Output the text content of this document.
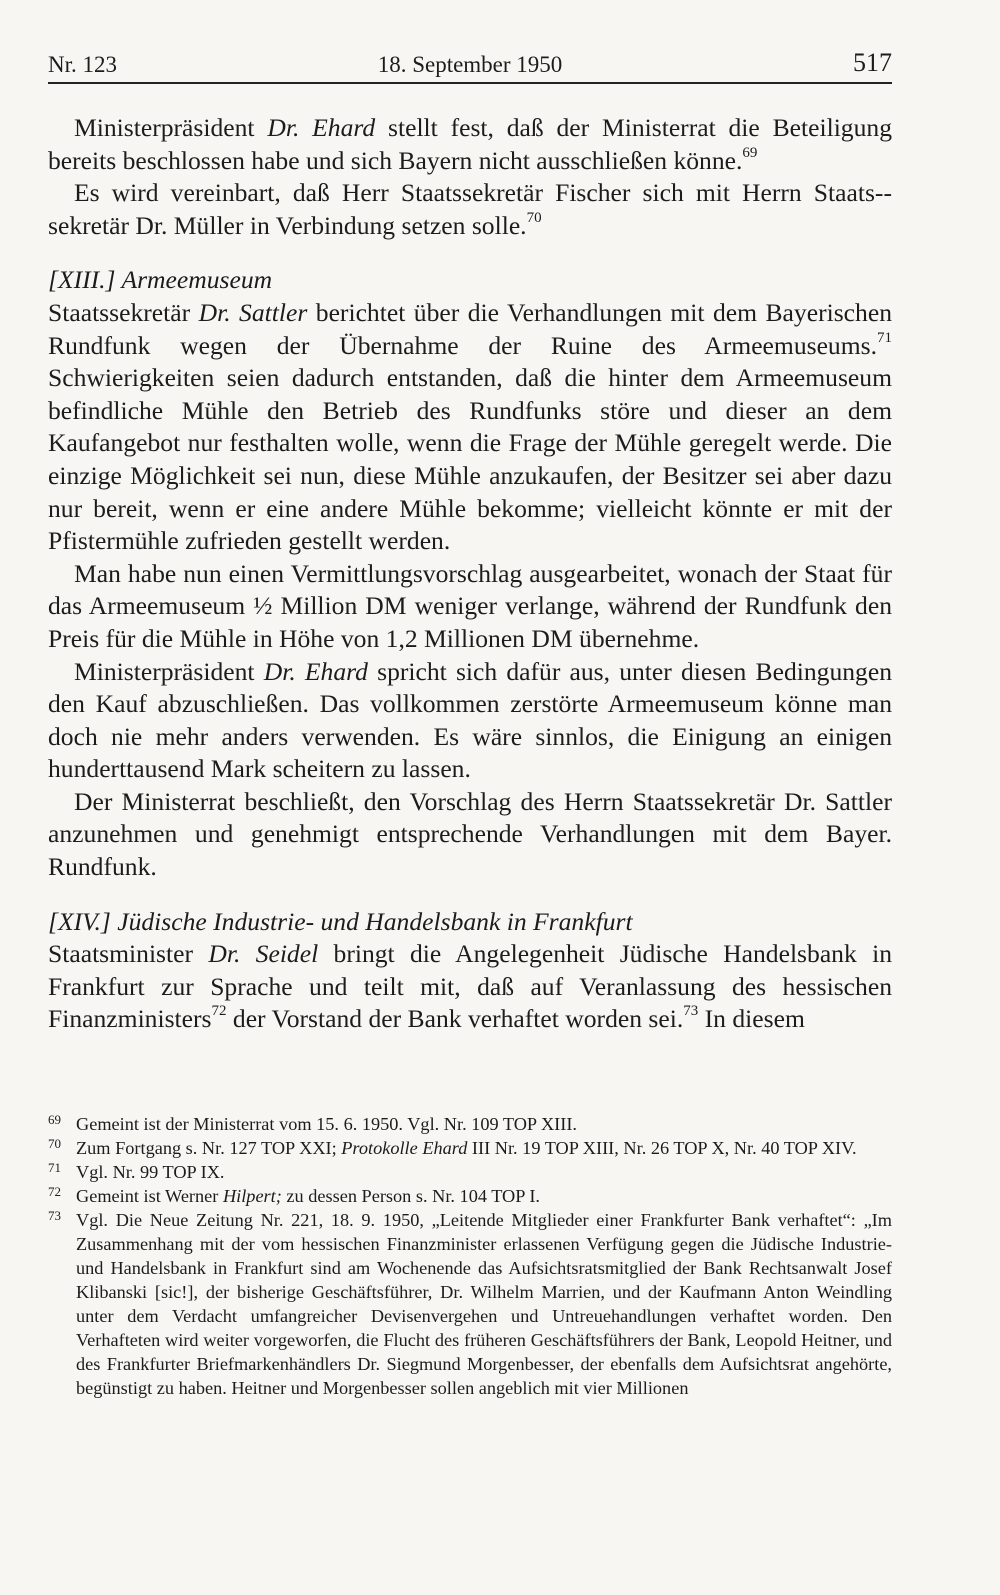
Nr. 123	18. September 1950	517

Ministerpräsident Dr. Ehard stellt fest, daß der Ministerrat die Beteiligung bereits beschlossen habe und sich Bayern nicht ausschließen könne.$^{69}$

Es wird vereinbart, daß Herr Staatssekretär Fischer sich mit Herrn Staats-sekretär Dr. Müller in Verbindung setzen solle.$^{70}$

[XIII.] Armeemuseum

Staatssekretär Dr. Sattler berichtet über die Verhandlungen mit dem Bayerischen Rundfunk wegen der Übernahme der Ruine des Armeemuseums.$^{71}$ Schwierigkeiten seien dadurch entstanden, daß die hinter dem Armeemuseum befindliche Mühle den Betrieb des Rundfunks störe und dieser an dem Kaufangebot nur festhalten wolle, wenn die Frage der Mühle geregelt werde. Die einzige Möglichkeit sei nun, diese Mühle anzukaufen, der Besitzer sei aber dazu nur bereit, wenn er eine andere Mühle bekomme; vielleicht könnte er mit der Pfistermühle zufrieden gestellt werden.

Man habe nun einen Vermittlungsvorschlag ausgearbeitet, wonach der Staat für das Armeemuseum ½ Million DM weniger verlange, während der Rundfunk den Preis für die Mühle in Höhe von 1,2 Millionen DM übernehme.

Ministerpräsident Dr. Ehard spricht sich dafür aus, unter diesen Bedingungen den Kauf abzuschließen. Das vollkommen zerstörte Armeemuseum könne man doch nie mehr anders verwenden. Es wäre sinnlos, die Einigung an einigen hunderttausend Mark scheitern zu lassen.

Der Ministerrat beschließt, den Vorschlag des Herrn Staatssekretär Dr. Sattler anzunehmen und genehmigt entsprechende Verhandlungen mit dem Bayer. Rundfunk.

[XIV.] Jüdische Industrie- und Handelsbank in Frankfurt

Staatsminister Dr. Seidel bringt die Angelegenheit Jüdische Handelsbank in Frankfurt zur Sprache und teilt mit, daß auf Veranlassung des hessischen Finanzministers$^{72}$ der Vorstand der Bank verhaftet worden sei.$^{73}$ In diesem

69 Gemeint ist der Ministerrat vom 15. 6. 1950. Vgl. Nr. 109 TOP XIII.
70 Zum Fortgang s. Nr. 127 TOP XXI; Protokolle Ehard III Nr. 19 TOP XIII, Nr. 26 TOP X, Nr. 40 TOP XIV.
71 Vgl. Nr. 99 TOP IX.
72 Gemeint ist Werner Hilpert; zu dessen Person s. Nr. 104 TOP I.
73 Vgl. Die Neue Zeitung Nr. 221, 18. 9. 1950, „Leitende Mitglieder einer Frankfurter Bank verhaftet“: „Im Zusammenhang mit der vom hessischen Finanzminister erlassenen Verfügung gegen die Jüdische Industrie- und Handelsbank in Frankfurt sind am Wochenende das Aufsichtsratsmitglied der Bank Rechtsanwalt Josef Klibanski [sic!], der bisherige Geschäftsführer, Dr. Wilhelm Marrien, und der Kaufmann Anton Weindling unter dem Verdacht umfangreicher Devisenvergehen und Untreuehandlungen verhaftet worden. Den Verhafteten wird weiter vorgeworfen, die Flucht des früheren Geschäftsführers der Bank, Leopold Heitner, und des Frankfurter Briefmarkenhändlers Dr. Siegmund Morgenbesser, der ebenfalls dem Aufsichtsrat angehörte, begünstigt zu haben. Heitner und Morgenbesser sollen angeblich mit vier Millionen
